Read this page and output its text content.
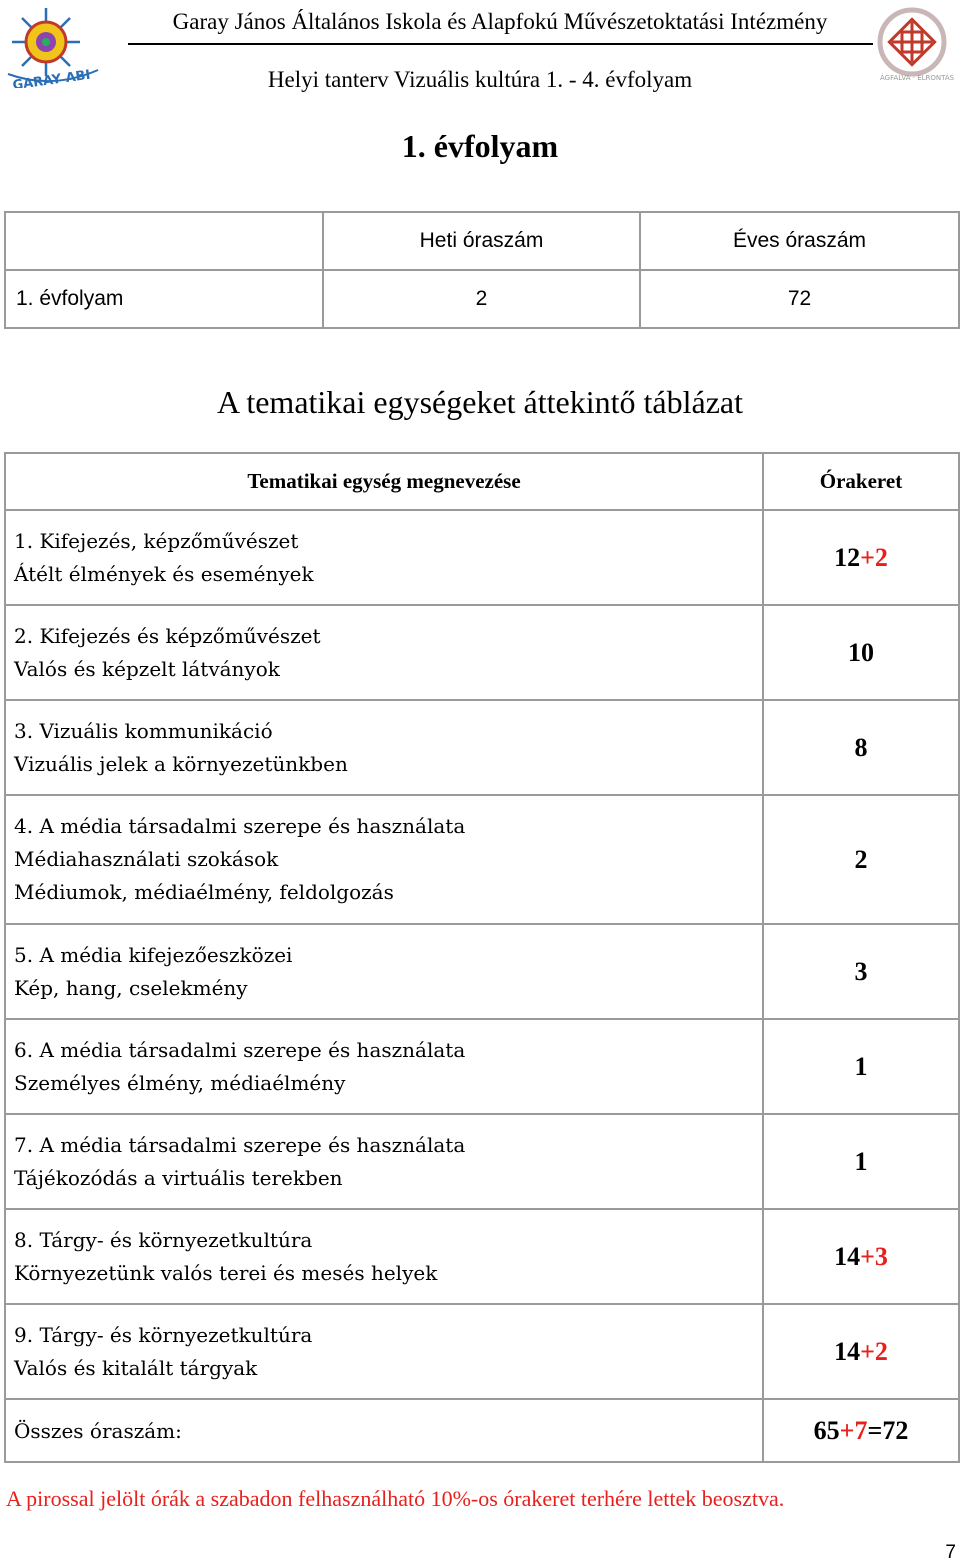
GARAY ABI
Garay János Általános Iskola és Alapfokú Művészetoktatási Intézmény
Helyi tanterv Vizuális kultúra 1. - 4. évfolyam	ÁGFALVA · ELRONTÁS
1. évfolyam
	Heti óraszám	Éves óraszám
1. évfolyam	2	72
A tematikai egységeket áttekintő táblázat
Tematikai egység megnevezése	Órakeret

1. Kifejezés, képzőművészet
Átélt élmények és események	12+2

2. Kifejezés és képzőművészet
Valós és képzelt látványok	10

3. Vizuális kommunikáció
Vizuális jelek a környezetünkben	8

4. A média társadalmi szerepe és használata
Médiahasználati szokások
Médiumok, médiaélmény, feldolgozás	2

5. A média kifejezőeszközei
Kép, hang, cselekmény	3

6. A média társadalmi szerepe és használata
Személyes élmény, médiaélmény	1

7. A média társadalmi szerepe és használata
Tájékozódás a virtuális terekben	1

8. Tárgy- és környezetkultúra
Környezetünk valós terei és mesés helyek	14+3

9. Tárgy- és környezetkultúra
Valós és kitalált tárgyak	14+2
Összes óraszám:	65+7=72
A pirossal jelölt órák a szabadon felhasználható 10%-os órakeret terhére lettek beosztva.
7
